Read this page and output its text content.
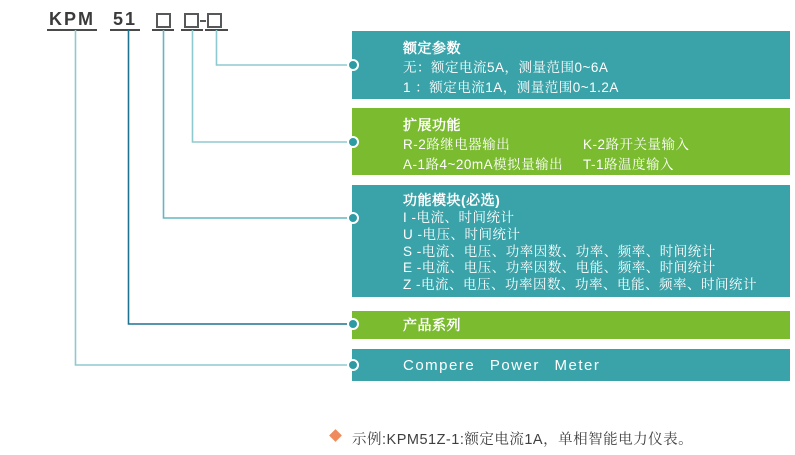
KPM 51
额定参数
无：额定电流5A，测量范围0~6A
1 ：额定电流1A，测量范围0~1.2A
扩展功能
R-2路继电器输出	K-2路开关量输入
A-1路4~20mA模拟量输出	T-1路温度输入
功能模块(必选)
I -电流、时间统计
U -电压、时间统计
S -电流、电压、功率因数、功率、频率、时间统计
E -电流、电压、功率因数、电能、频率、时间统计
Z -电流、电压、功率因数、功率、电能、频率、时间统计
产品系列
Compere Power Meter
示例:KPM51Z-1:额定电流1A，单相智能电力仪表。
